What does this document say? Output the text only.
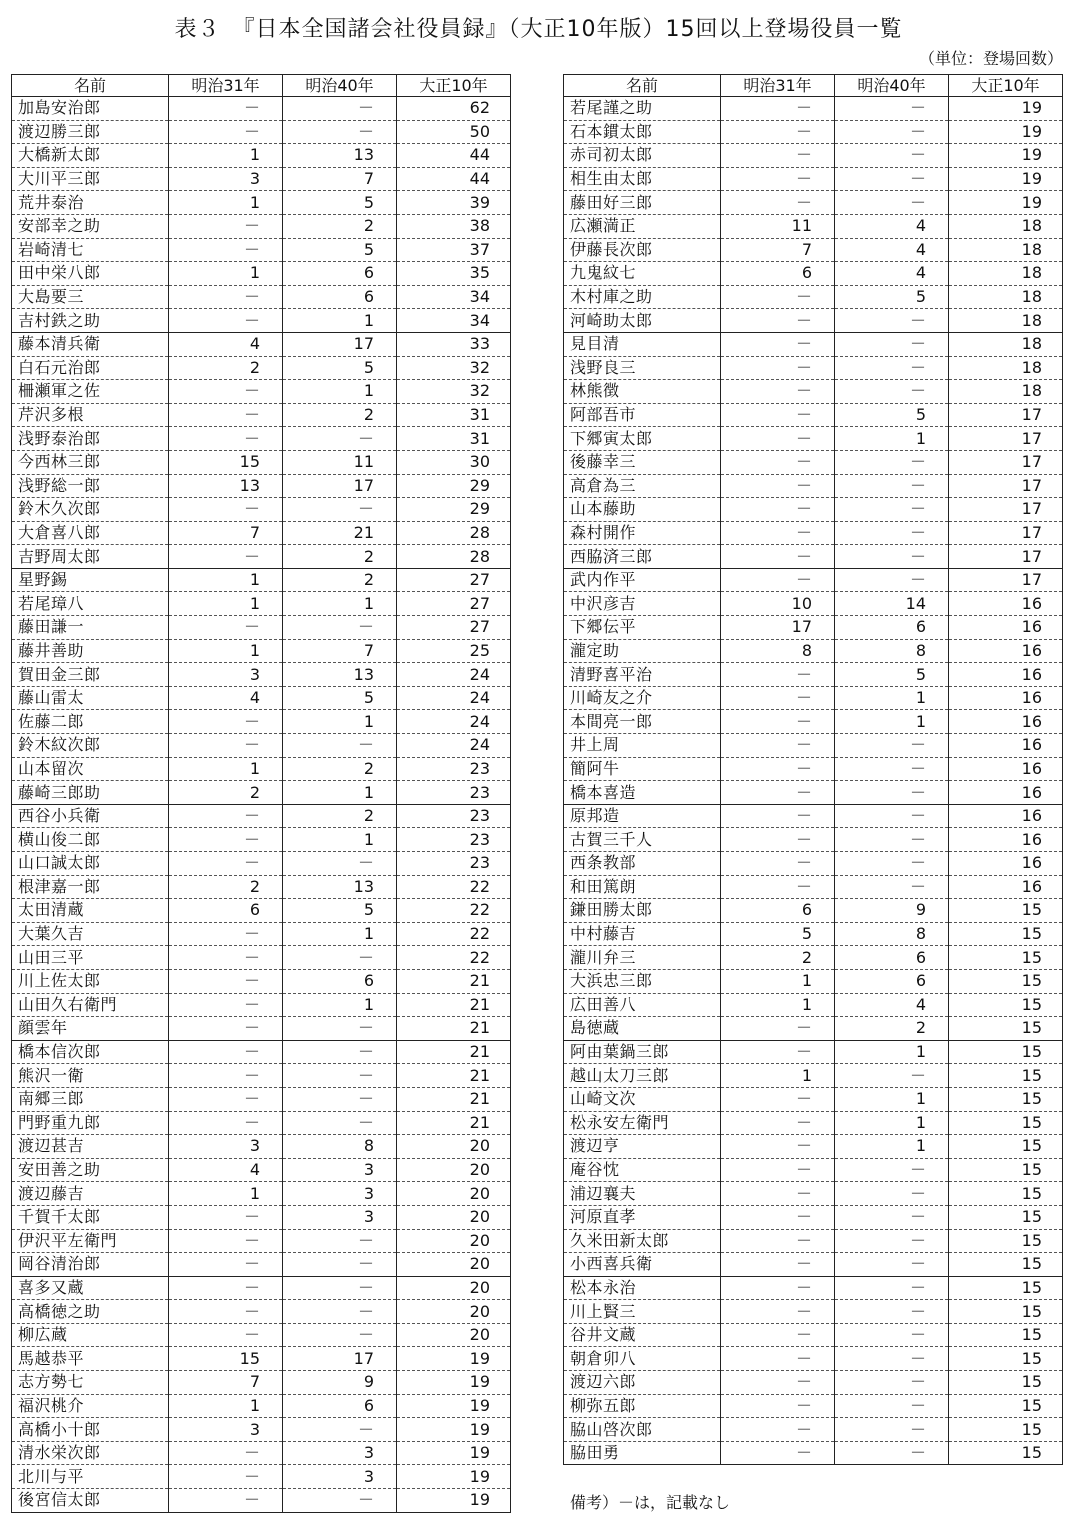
表３　『日本全国諸会社役員録』（大正10年版）15回以上登場役員一覧
（単位：登場回数）
名前	明治31年	明治40年	大正10年
加島安治郎	－	－	62
渡辺勝三郎	－	－	50
大橋新太郎	1	13	44
大川平三郎	3	7	44
荒井泰治	1	5	39
安部幸之助	－	2	38
岩崎清七	－	5	37
田中栄八郎	1	6	35
大島要三	－	6	34
吉村鉄之助	－	1	34
藤本清兵衛	4	17	33
白石元治郎	2	5	32
柵瀬軍之佐	－	1	32
芹沢多根	－	2	31
浅野泰治郎	－	－	31
今西林三郎	15	11	30
浅野総一郎	13	17	29
鈴木久次郎	－	－	29
大倉喜八郎	7	21	28
吉野周太郎	－	2	28
星野錫	1	2	27
若尾璋八	1	1	27
藤田謙一	－	－	27
藤井善助	1	7	25
賀田金三郎	3	13	24
藤山雷太	4	5	24
佐藤二郎	－	1	24
鈴木紋次郎	－	－	24
山本留次	1	2	23
藤崎三郎助	2	1	23
西谷小兵衛	－	2	23
横山俊二郎	－	1	23
山口誠太郎	－	－	23
根津嘉一郎	2	13	22
太田清蔵	6	5	22
大葉久吉	－	1	22
山田三平	－	－	22
川上佐太郎	－	6	21
山田久右衛門	－	1	21
顔雲年	－	－	21
橋本信次郎	－	－	21
熊沢一衛	－	－	21
南郷三郎	－	－	21
門野重九郎	－	－	21
渡辺甚吉	3	8	20
安田善之助	4	3	20
渡辺藤吉	1	3	20
千賀千太郎	－	3	20
伊沢平左衛門	－	－	20
岡谷清治郎	－	－	20
喜多又蔵	－	－	20
高橋徳之助	－	－	20
柳広蔵	－	－	20
馬越恭平	15	17	19
志方勢七	7	9	19
福沢桃介	1	6	19
高橋小十郎	3	－	19
清水栄次郎	－	3	19
北川与平	－	3	19
後宮信太郎	－	－	19
名前	明治31年	明治40年	大正10年
若尾謹之助	－	－	19
石本鏆太郎	－	－	19
赤司初太郎	－	－	19
相生由太郎	－	－	19
藤田好三郎	－	－	19
広瀬満正	11	4	18
伊藤長次郎	7	4	18
九鬼紋七	6	4	18
木村庫之助	－	5	18
河崎助太郎	－	－	18
見目清	－	－	18
浅野良三	－	－	18
林熊徴	－	－	18
阿部吾市	－	5	17
下郷寅太郎	－	1	17
後藤幸三	－	－	17
高倉為三	－	－	17
山本藤助	－	－	17
森村開作	－	－	17
西脇済三郎	－	－	17
武内作平	－	－	17
中沢彦吉	10	14	16
下郷伝平	17	6	16
瀧定助	8	8	16
清野喜平治	－	5	16
川崎友之介	－	1	16
本間亮一郎	－	1	16
井上周	－	－	16
簡阿牛	－	－	16
橋本喜造	－	－	16
原邦造	－	－	16
古賀三千人	－	－	16
西条教部	－	－	16
和田篤朗	－	－	16
鎌田勝太郎	6	9	15
中村藤吉	5	8	15
瀧川弁三	2	6	15
大浜忠三郎	1	6	15
広田善八	1	4	15
島徳蔵	－	2	15
阿由葉鍋三郎	－	1	15
越山太刀三郎	1	－	15
山崎文次	－	1	15
松永安左衛門	－	1	15
渡辺亨	－	1	15
庵谷忱	－	－	15
浦辺襄夫	－	－	15
河原直孝	－	－	15
久米田新太郎	－	－	15
小西喜兵衛	－	－	15
松本永治	－	－	15
川上賢三	－	－	15
谷井文蔵	－	－	15
朝倉卯八	－	－	15
渡辺六郎	－	－	15
柳弥五郎	－	－	15
脇山啓次郎	－	－	15
脇田勇	－	－	15
備考）－は，記載なし
